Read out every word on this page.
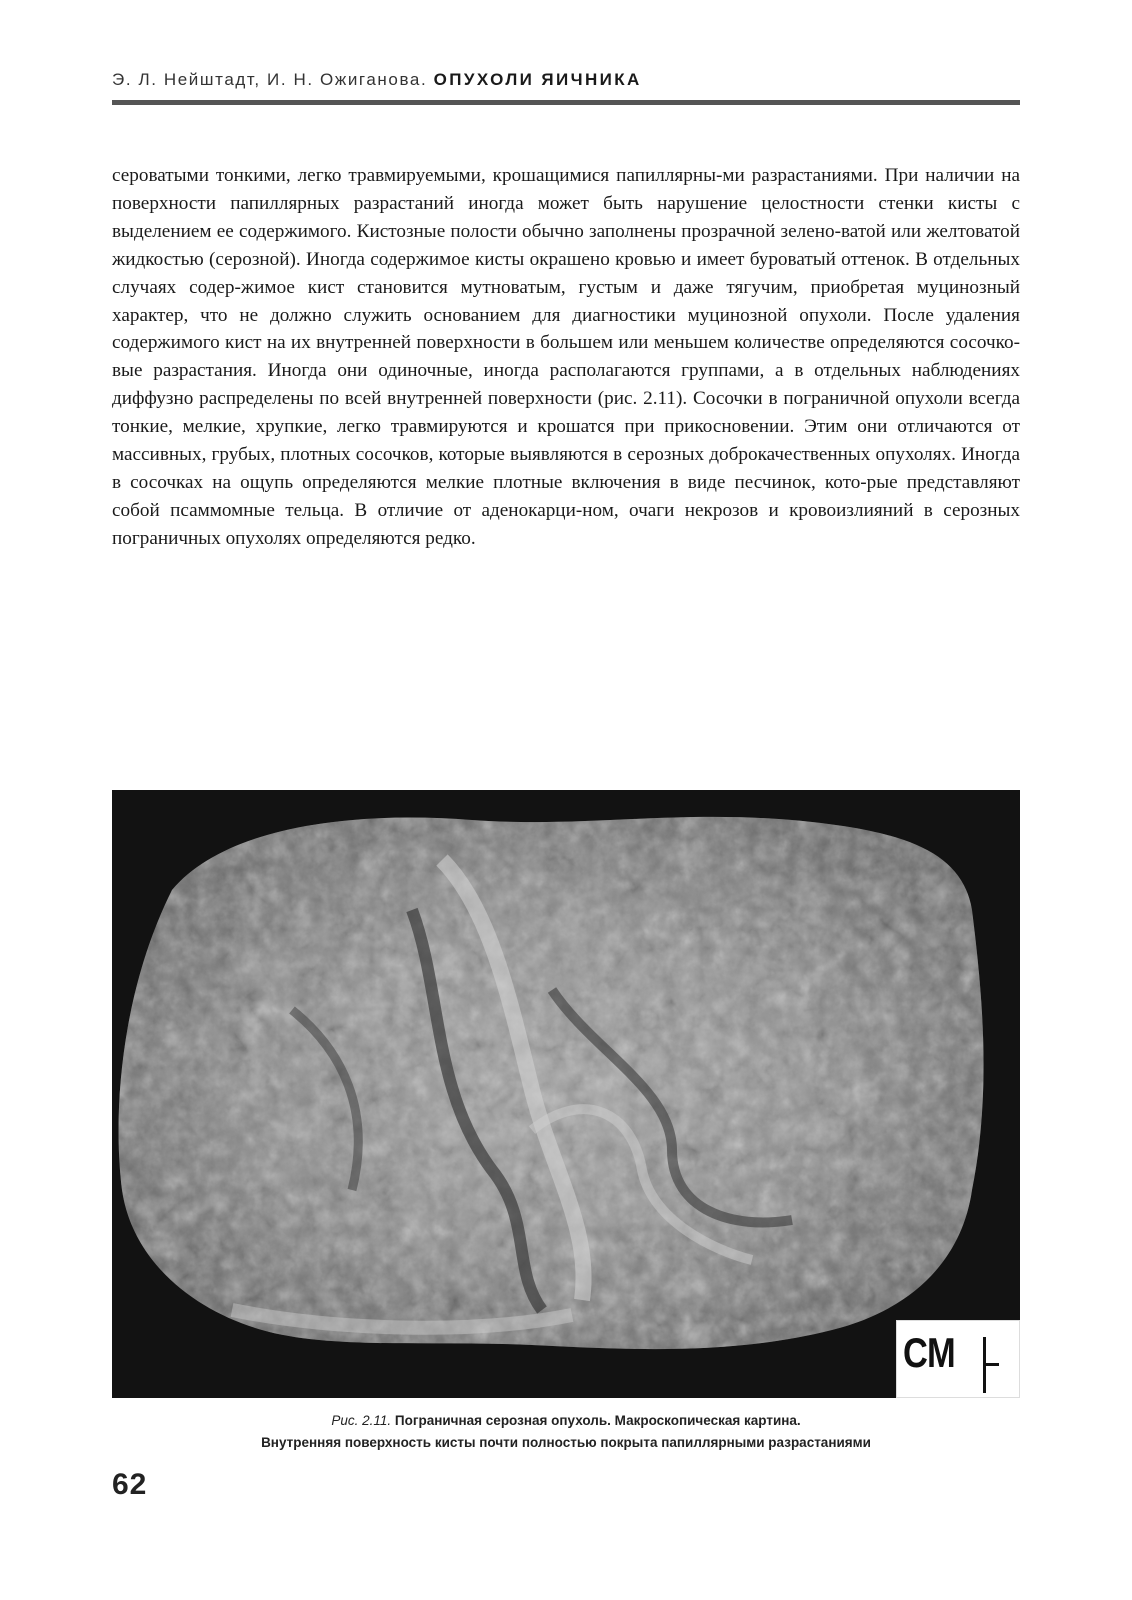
Э. Л. Нейштадт, И. Н. Ожиганова. ОПУХОЛИ ЯИЧНИКА
сероватыми тонкими, легко травмируемыми, крошащимися папиллярны-ми разрастаниями. При наличии на поверхности папиллярных разрастаний иногда может быть нарушение целостности стенки кисты с выделением ее содержимого. Кистозные полости обычно заполнены прозрачной зелено-ватой или желтоватой жидкостью (серозной). Иногда содержимое кисты окрашено кровью и имеет буроватый оттенок. В отдельных случаях содер-жимое кист становится мутноватым, густым и даже тягучим, приобретая муцинозный характер, что не должно служить основанием для диагностики муцинозной опухоли. После удаления содержимого кист на их внутренней поверхности в большем или меньшем количестве определяются сосочко-вые разрастания. Иногда они одиночные, иногда располагаются группами, а в отдельных наблюдениях диффузно распределены по всей внутренней поверхности (рис. 2.11). Сосочки в пограничной опухоли всегда тонкие, мелкие, хрупкие, легко травмируются и крошатся при прикосновении. Этим они отличаются от массивных, грубых, плотных сосочков, которые выявляются в серозных доброкачественных опухолях. Иногда в сосочках на ощупь определяются мелкие плотные включения в виде песчинок, кото-рые представляют собой псаммомные тельца. В отличие от аденокарци-ном, очаги некрозов и кровоизлияний в серозных пограничных опухолях определяются редко.
CM
Рис. 2.11. Пограничная серозная опухоль. Макроскопическая картина.
Внутренняя поверхность кисты почти полностью покрыта папиллярными разрастаниями
62
